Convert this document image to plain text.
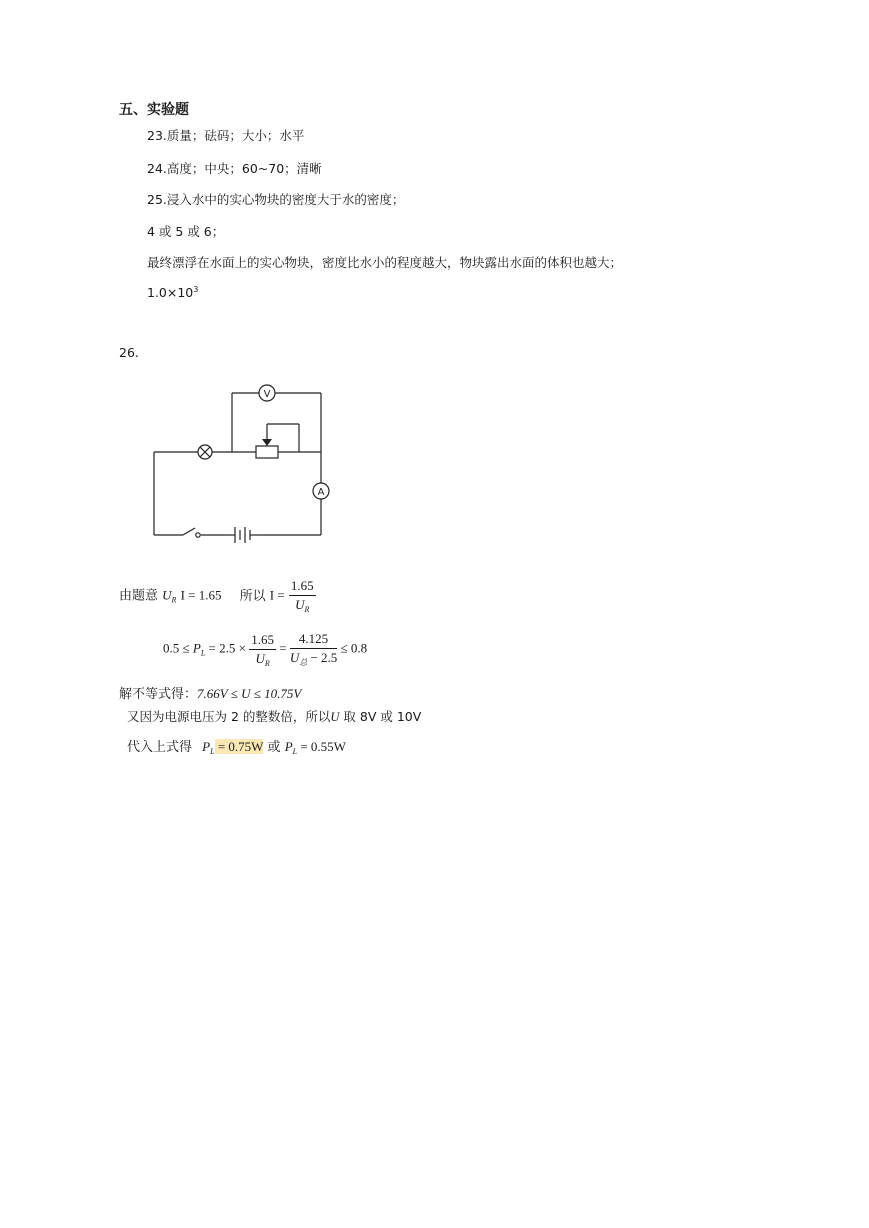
五、实验题
23.质量；砝码；大小；水平
24.高度；中央；60~70；清晰
25.浸入水中的实心物块的密度大于水的密度；
4 或 5 或 6；
最终漂浮在水面上的实心物块，密度比水小的程度越大，物块露出水面的体积也越大；
$1.0\times 10^3$
26.
V
A
由题意 $U_R$ I = 1.65 所以 $I = \frac{1.65}{U_R}$
$0.5 \le P_L = 2.5 \times \frac{1.65}{U_R} = \frac{4.125}{U_总 - 2.5} \le 0.8$
解不等式得：7.66V ≤ U ≤ 10.75V
又因为电源电压为 2 的整数倍，所以U 取 8V 或 10V
代入上式得 $P_L = 0.75W$ 或 $P_L = 0.55W$
